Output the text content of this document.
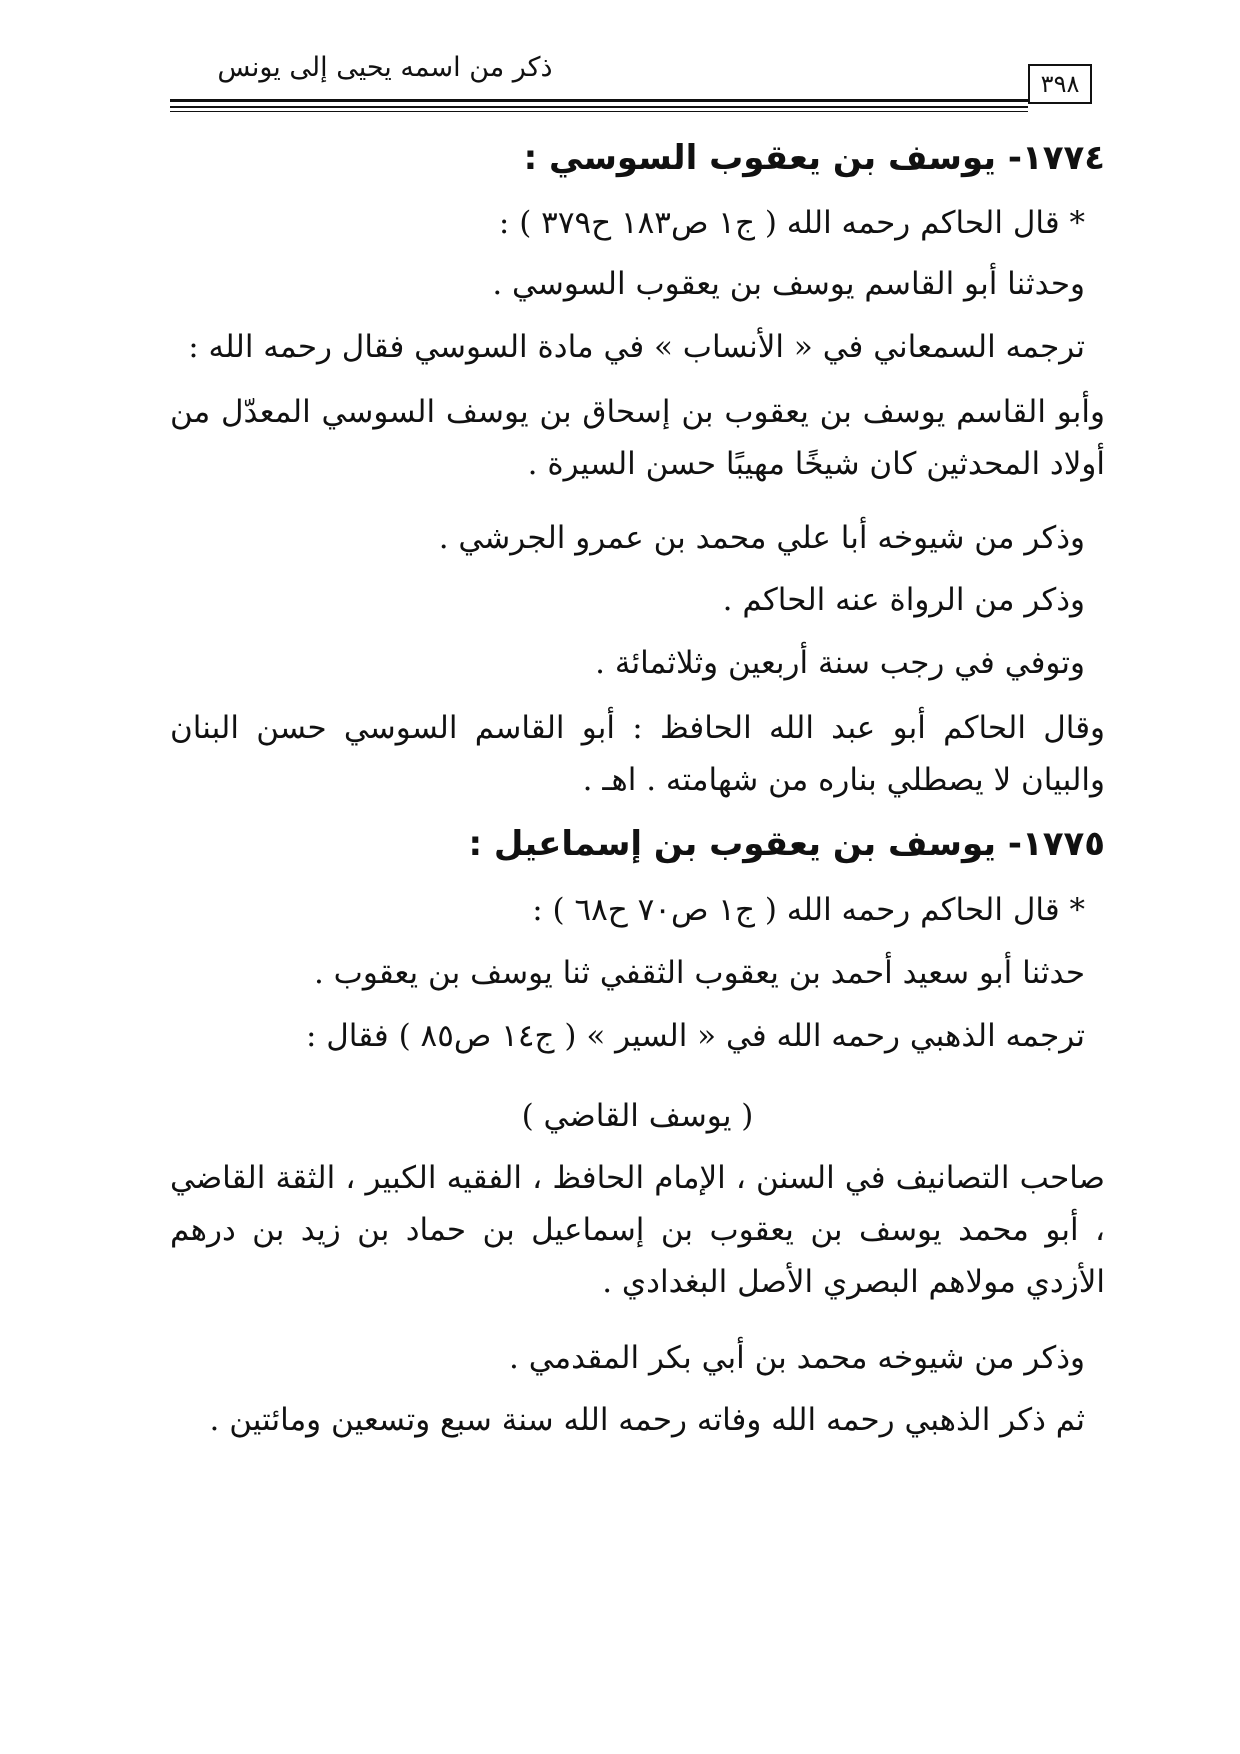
ذكر من اسمه يحيى إلى يونس
٣٩٨
١٧٧٤- يوسف بن يعقوب السوسي :
* قال الحاكم رحمه الله ( ج١ ص١٨٣ ح٣٧٩ ) :
وحدثنا أبو القاسم يوسف بن يعقوب السوسي .
ترجمه السمعاني في « الأنساب » في مادة السوسي فقال رحمه الله :
وأبو القاسم يوسف بن يعقوب بن إسحاق بن يوسف السوسي المعدّل من أولاد المحدثين كان شيخًا مهيبًا حسن السيرة .
وذكر من شيوخه أبا علي محمد بن عمرو الجرشي .
وذكر من الرواة عنه الحاكم .
وتوفي في رجب سنة أربعين وثلاثمائة .
وقال الحاكم أبو عبد الله الحافظ : أبو القاسم السوسي حسن البنان والبيان لا يصطلي بناره من شهامته . اهـ .
١٧٧٥- يوسف بن يعقوب بن إسماعيل :
* قال الحاكم رحمه الله ( ج١ ص٧٠ ح٦٨ ) :
حدثنا أبو سعيد أحمد بن يعقوب الثقفي ثنا يوسف بن يعقوب .
ترجمه الذهبي رحمه الله في « السير » ( ج١٤ ص٨٥ ) فقال :
( يوسف القاضي )
صاحب التصانيف في السنن ، الإمام الحافظ ، الفقيه الكبير ، الثقة القاضي ، أبو محمد يوسف بن يعقوب بن إسماعيل بن حماد بن زيد بن درهم الأزدي مولاهم البصري الأصل البغدادي .
وذكر من شيوخه محمد بن أبي بكر المقدمي .
ثم ذكر الذهبي رحمه الله وفاته رحمه الله سنة سبع وتسعين ومائتين .
